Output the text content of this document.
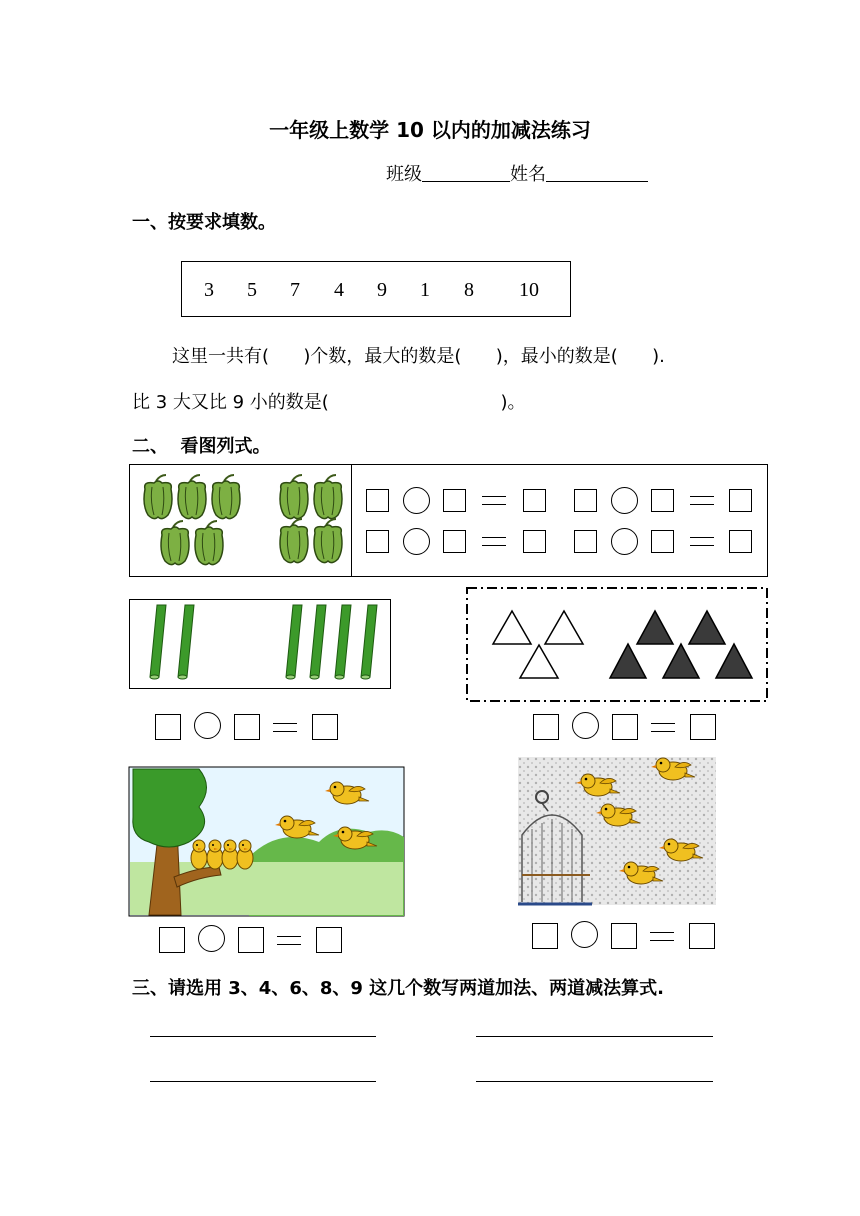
一年级上数学 10 以内的加减法练习
班级	姓名
一、按要求填数。
3 5 7 4 9 1 8 10
这里一共有(      )个数，最大的数是(      )，最小的数是(      ).
比 3 大又比 9 小的数是(                              )。
二、  看图列式。
三、请选用 3、4、6、8、9 这几个数写两道加法、两道减法算式.
